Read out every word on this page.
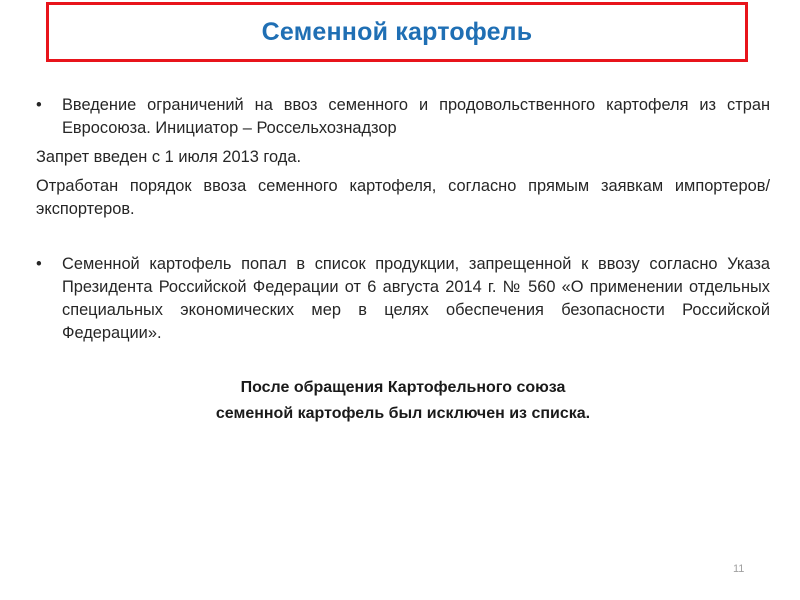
Семенной картофель
•	Введение ограничений на ввоз семенного и продовольственного картофеля из стран Евросоюза. Инициатор – Россельхознадзор
Запрет введен с 1 июля 2013 года.
Отработан порядок ввоза семенного картофеля, согласно прямым заявкам импортеров/экспортеров.
•	Семенной картофель попал в список продукции, запрещенной к ввозу согласно Указа Президента Российской Федерации от 6 августа 2014 г. № 560 «О применении отдельных специальных экономических мер в целях обеспечения безопасности Российской Федерации».
После обращения Картофельного союза
семенной картофель был исключен из списка.
11
